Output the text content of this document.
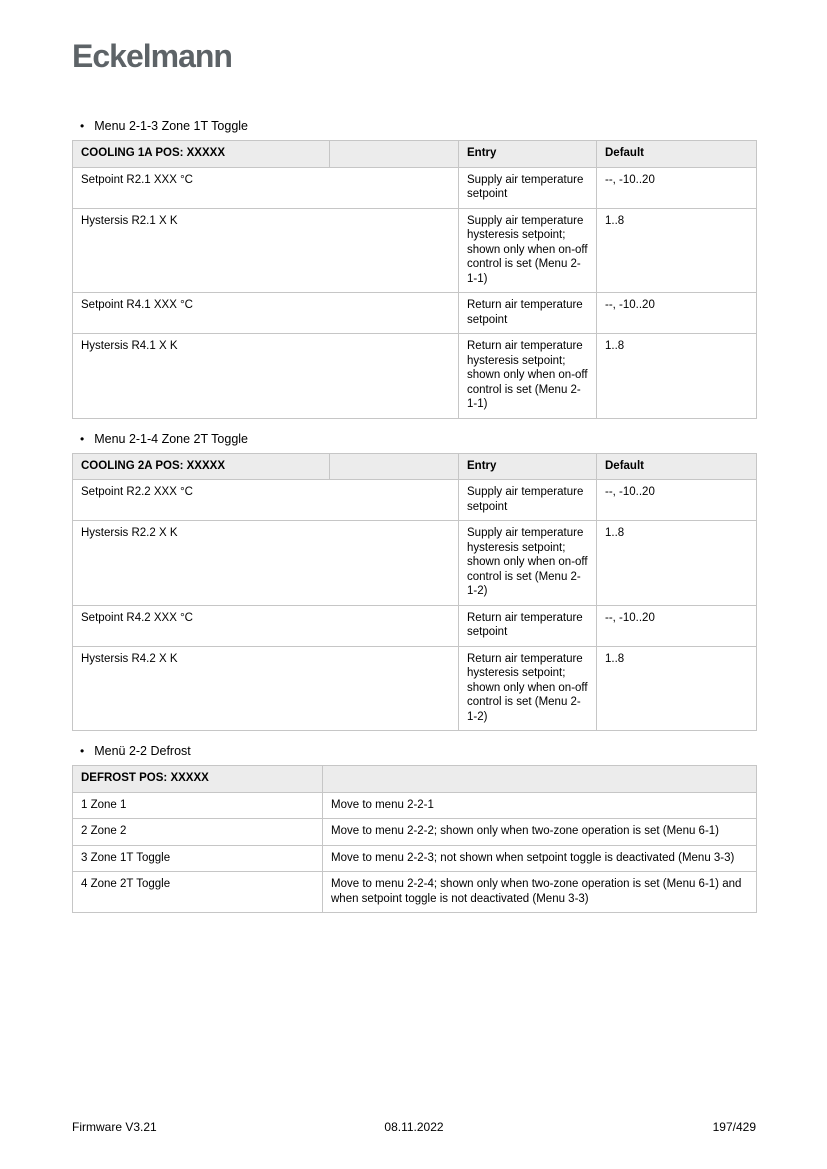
Eckelmann
• Menu 2-1-3 Zone 1T Toggle
COOLING 1A POS: XXXXX		Entry	Default
Setpoint R2.1 XXX °C		Supply air temperature setpoint	--, -10..20
Hystersis R2.1 X K		Supply air temperature hysteresis setpoint; shown only when on-off control is set (Menu 2-1-1)	1..8
Setpoint R4.1 XXX °C		Return air temperature setpoint	--, -10..20
Hystersis R4.1 X K		Return air temperature hysteresis setpoint; shown only when on-off control is set (Menu 2-1-1)	1..8
• Menu 2-1-4 Zone 2T Toggle
COOLING 2A POS: XXXXX		Entry	Default
Setpoint R2.2 XXX °C		Supply air temperature setpoint	--, -10..20
Hystersis R2.2 X K		Supply air temperature hysteresis setpoint; shown only when on-off control is set (Menu 2-1-2)	1..8
Setpoint R4.2 XXX °C		Return air temperature setpoint	--, -10..20
Hystersis R4.2 X K		Return air temperature hysteresis setpoint; shown only when on-off control is set (Menu 2-1-2)	1..8
• Menü 2-2 Defrost
DEFROST POS: XXXXX	
1 Zone 1	Move to menu 2-2-1
2 Zone 2	Move to menu 2-2-2; shown only when two-zone operation is set (Menu 6-1)
3 Zone 1T Toggle	Move to menu 2-2-3; not shown when setpoint toggle is deactivated (Menu 3-3)
4 Zone 2T Toggle	Move to menu 2-2-4; shown only when two-zone operation is set (Menu 6-1) and when setpoint toggle is not deactivated (Menu 3-3)
Firmware V3.21	08.11.2022	197/429
